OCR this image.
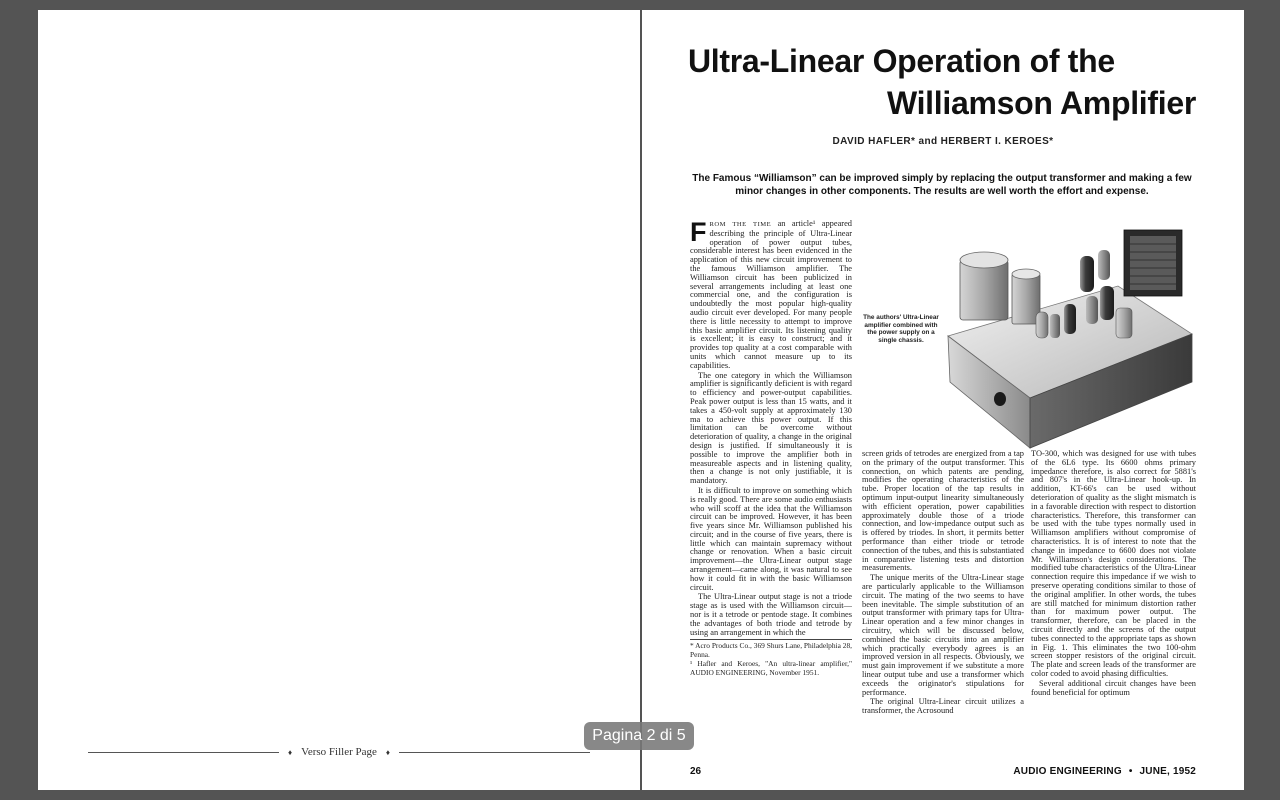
♦ Verso Filler Page ♦
Ultra-Linear Operation of the
Williamson Amplifier
DAVID HAFLER* and HERBERT I. KEROES*
The Famous “Williamson” can be improved simply by replacing the output transformer and making a few minor changes in other components. The results are well worth the effort and expense.

FROM THE TIME an article¹ appeared describing the principle of Ultra-Linear operation of power output tubes, considerable interest has been evidenced in the application of this new circuit improvement to the famous Williamson amplifier. The Williamson circuit has been publicized in several arrangements including at least one commercial one, and the configuration is undoubtedly the most popular high-quality audio circuit ever developed. For many people there is little necessity to attempt to improve this basic amplifier circuit. Its listening quality is excellent; it is easy to construct; and it provides top quality at a cost comparable with units which cannot measure up to its capabilities.

The one category in which the Williamson amplifier is significantly deficient is with regard to efficiency and power-output capabilities. Peak power output is less than 15 watts, and it takes a 450-volt supply at approximately 130 ma to achieve this power output. If this limitation can be overcome without deterioration of quality, a change in the original design is justified. If simultaneously it is possible to improve the amplifier both in measureable aspects and in listening quality, then a change is not only justifiable, it is mandatory.

It is difficult to improve on something which is really good. There are some audio enthusiasts who will scoff at the idea that the Williamson circuit can be improved. However, it has been five years since Mr. Williamson published his circuit; and in the course of five years, there is little which can maintain supremacy without change or renovation. When a basic circuit improvement—the Ultra-Linear output stage arrangement—came along, it was natural to see how it could fit in with the basic Williamson circuit.

The Ultra-Linear output stage is not a triode stage as is used with the Williamson circuit—nor is it a tetrode or pentode stage. It combines the advantages of both triode and tetrode by using an arrangement in which the

* Acro Products Co., 369 Shurs Lane, Philadelphia 28, Penna.
¹ Hafler and Keroes, "An ultra-linear amplifier," AUDIO ENGINEERING, November 1951.
The authors' Ultra-Linear amplifier combined with the power supply on a single chassis.

screen grids of tetrodes are energized from a tap on the primary of the output transformer. This connection, on which patents are pending, modifies the operating characteristics of the tube. Proper location of the tap results in optimum input-output linearity simultaneously with efficient operation, power capabilities approximately double those of a triode connection, and low-impedance output such as is offered by triodes. In short, it permits better performance than either triode or tetrode connection of the tubes, and this is substantiated in comparative listening tests and distortion measurements.

The unique merits of the Ultra-Linear stage are particularly applicable to the Williamson circuit. The mating of the two seems to have been inevitable. The simple substitution of an output transformer with primary taps for Ultra-Linear operation and a few minor changes in circuitry, which will be discussed below, combined the basic circuits into an amplifier which practically everybody agrees is an improved version in all respects. Obviously, we must gain improvement if we substitute a more linear output tube and use a transformer which exceeds the originator's stipulations for performance.

The original Ultra-Linear circuit utilizes a transformer, the Acrosound

TO-300, which was designed for use with tubes of the 6L6 type. Its 6600 ohms primary impedance therefore, is also correct for 5881's and 807's in the Ultra-Linear hook-up. In addition, KT-66's can be used without deterioration of quality as the slight mismatch is in a favorable direction with respect to distortion characteristics. Therefore, this transformer can be used with the tube types normally used in Williamson amplifiers without compromise of characteristics. It is of interest to note that the change in impedance to 6600 does not violate Mr. Williamson's design considerations. The modified tube characteristics of the Ultra-Linear connection require this impedance if we wish to preserve operating conditions similar to those of the original amplifier. In other words, the tubes are still matched for minimum distortion rather than for maximum power output. The transformer, therefore, can be placed in the circuit directly and the screens of the output tubes connected to the appropriate taps as shown in Fig. 1. This eliminates the two 100-ohm screen stopper resistors of the original circuit. The plate and screen leads of the transformer are color coded to avoid phasing difficulties.

Several additional circuit changes have been found beneficial for optimum

26	AUDIO ENGINEERING • JUNE, 1952
Pagina 2 di 5
